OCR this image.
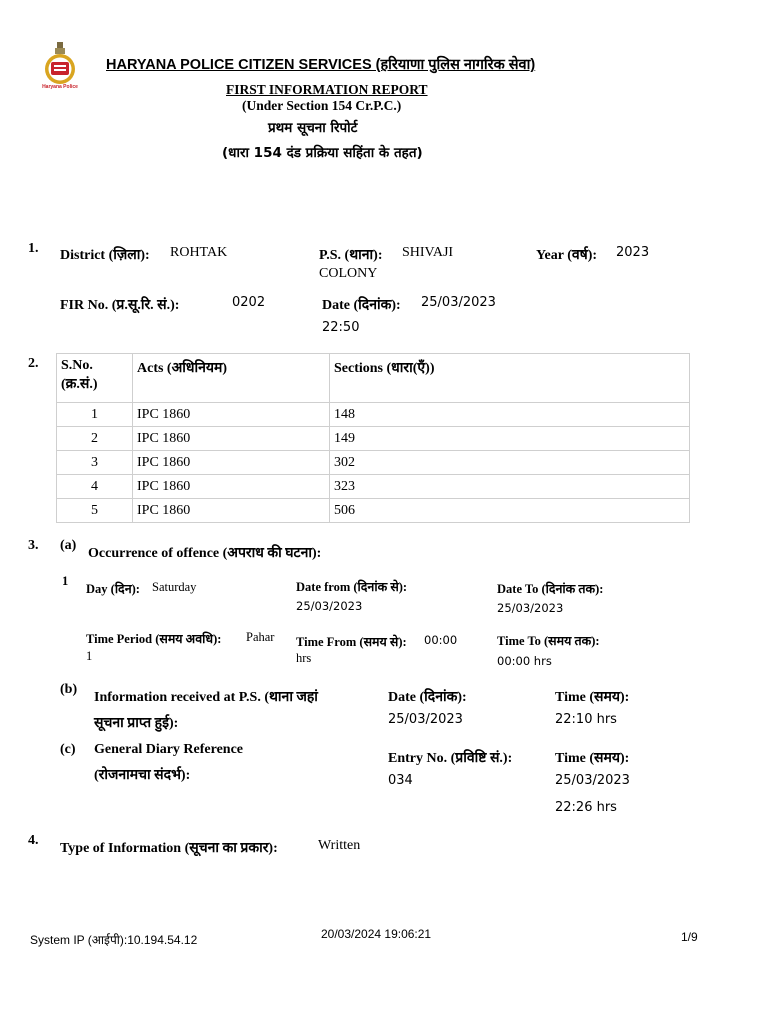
Haryana Police
HARYANA POLICE CITIZEN SERVICES (हरियाणा पुलिस नागरिक सेवा)
FIRST INFORMATION REPORT
(Under Section 154 Cr.P.C.)
प्रथम सूचना रिपोर्ट
(धारा 154 दंड प्रक्रिया सहिंता के तहत)
1. District (ज़िला): ROHTAK	P.S. (थाना): SHIVAJI
COLONY
Year (वर्ष): 2023
FIR No. (प्र.सू.रि. सं.):	0202	Date (दिनांक): 25/03/2023
22:50
2. S.No.
(क्र.सं.)	Acts (अधिनियम)	Sections (धारा(एँ))
1	IPC 1860	148
2	IPC 1860	149
3	IPC 1860	302
4	IPC 1860	323
5	IPC 1860	506
3. (a)
Occurrence of offence (अपराध की घटना):
1
Day (दिन): Saturday	Date from (दिनांक से):
25/03/2023
Date To (दिनांक तक):
25/03/2023
Time Period (समय अवधि): Pahar
1
Time From (समय से): 00:00
hrs
Time To (समय तक):
00:00 hrs
(b)
Information received at P.S. (थाना जहां
सूचना प्राप्त हुई):
Date (दिनांक):
25/03/2023
Time (समय):
22:10 hrs
(c) General Diary Reference
(रोजनामचा संदर्भ):
Entry No. (प्रविष्टि सं.):
034
Time (समय):
25/03/2023
22:26 hrs
4.
Type of Information (सूचना का प्रकार):	Written
System IP (आईपी):10.194.54.12	20/03/2024 19:06:21	1/9
